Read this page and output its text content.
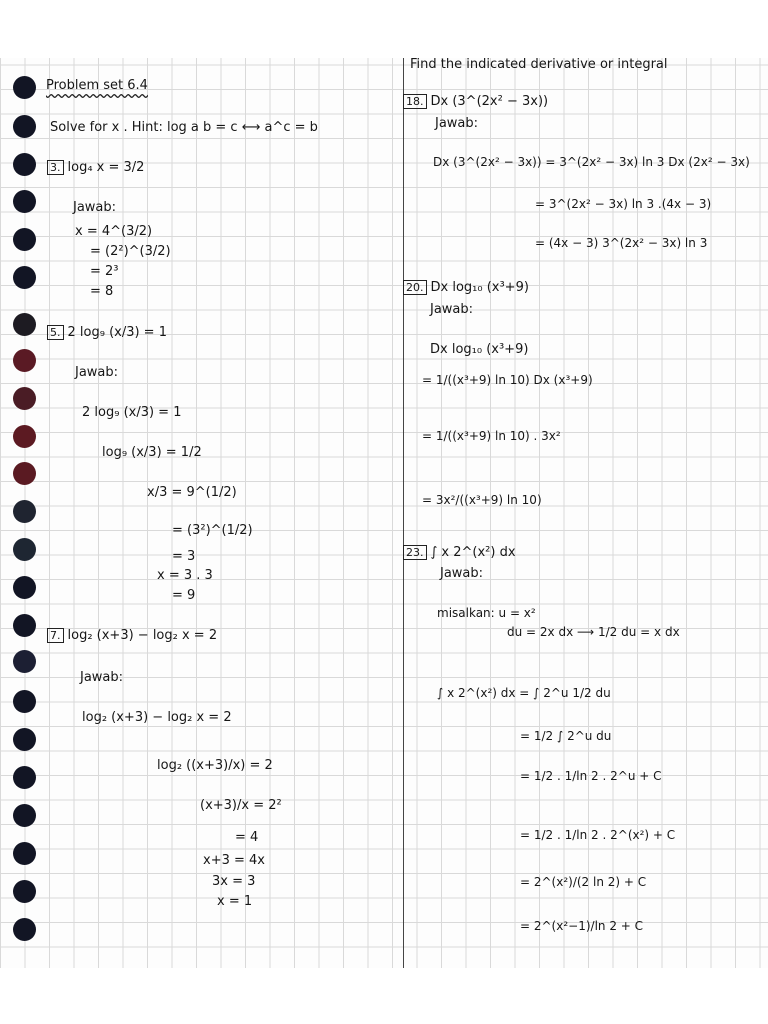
Problem set 6.4
Solve for x . Hint: log a b = c ⟷ a^c = b
Find the indicated derivative or integral
3. log₄ x = 3/2
Jawab:
x = 4^(3/2)
= (2²)^(3/2)
= 2³
= 8
5. 2 log₉ (x/3) = 1
Jawab:
2 log₉ (x/3) = 1
log₉ (x/3) = 1/2
x/3 = 9^(1/2)
= (3²)^(1/2)
= 3
x = 3 . 3
= 9
7. log₂ (x+3) − log₂ x = 2
Jawab:
log₂ (x+3) − log₂ x = 2
log₂ ((x+3)/x) = 2
(x+3)/x = 2²
= 4
x+3 = 4x
3x = 3
x = 1
18. Dx (3^(2x² − 3x))
Jawab:
Dx (3^(2x² − 3x)) = 3^(2x² − 3x) ln 3 Dx (2x² − 3x)
= 3^(2x² − 3x) ln 3 .(4x − 3)
= (4x − 3) 3^(2x² − 3x) ln 3
20. Dx log₁₀ (x³+9)
Jawab:
Dx log₁₀ (x³+9)
= 1/((x³+9) ln 10) Dx (x³+9)
= 1/((x³+9) ln 10) . 3x²
= 3x²/((x³+9) ln 10)
23. ∫ x 2^(x²) dx
Jawab:
misalkan: u = x²
du = 2x dx ⟶ 1/2 du = x dx
∫ x 2^(x²) dx = ∫ 2^u 1/2 du
= 1/2 ∫ 2^u du
= 1/2 . 1/ln 2 . 2^u + C
= 1/2 . 1/ln 2 . 2^(x²) + C
= 2^(x²)/(2 ln 2) + C
= 2^(x²−1)/ln 2 + C
